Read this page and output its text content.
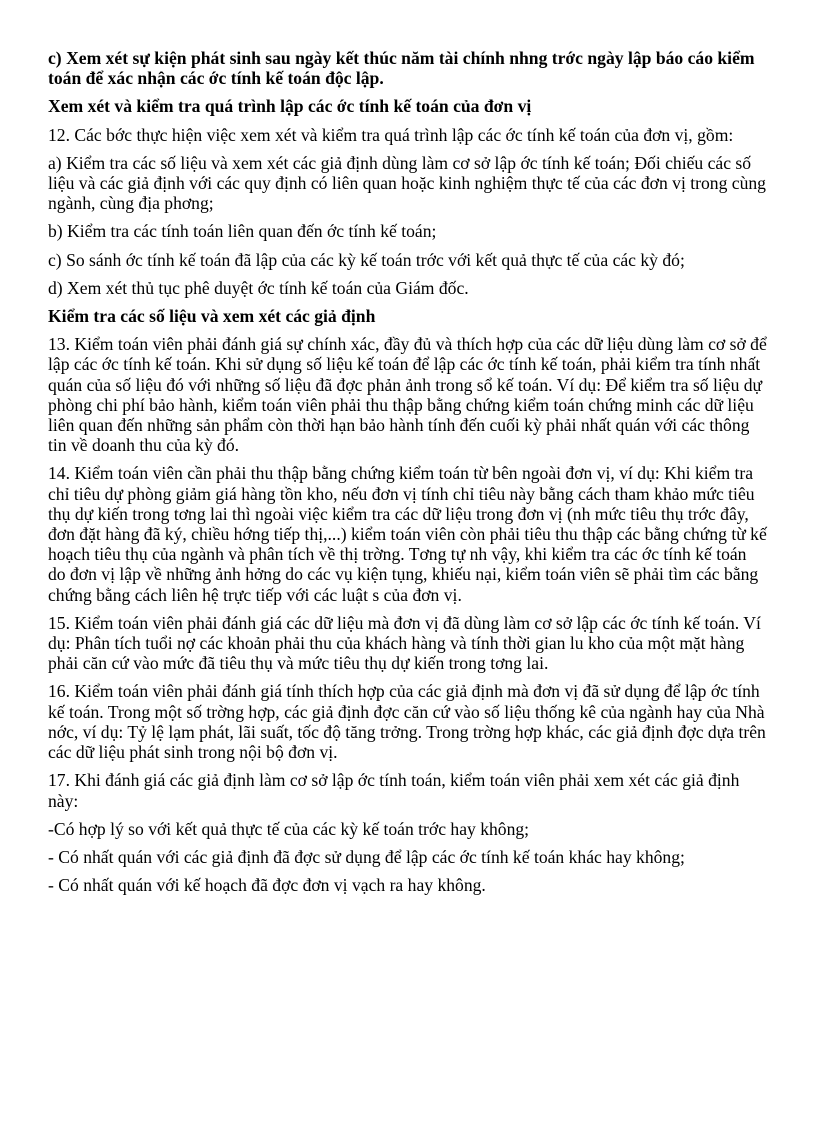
c) Xem xét sự kiện phát sinh sau ngày kết thúc năm tài chính nhng trớc ngày lập báo cáo kiểm toán để xác nhận các ớc tính kế toán độc lập.

Xem xét và kiểm tra quá trình lập các ớc tính kế toán của đơn vị

12. Các bớc thực hiện việc xem xét và kiểm tra quá trình lập các ớc tính kế toán của đơn vị, gồm:

a) Kiểm tra các số liệu và xem xét các giả định dùng làm cơ sở lập ớc tính kế toán; Đối chiếu các số liệu và các giả định với các quy định có liên quan hoặc kinh nghiệm thực tế của các đơn vị trong cùng ngành, cùng địa phơng;

b) Kiểm tra các tính toán liên quan đến ớc tính kế toán;

c) So sánh ớc tính kế toán đã lập của các kỳ kế toán trớc với kết quả thực tế của các kỳ đó;

d) Xem xét thủ tục phê duyệt ớc tính kế toán của Giám đốc.

Kiểm tra các số liệu và xem xét các giả định

13. Kiểm toán viên phải đánh giá sự chính xác, đầy đủ và thích hợp của các dữ liệu dùng làm cơ sở để lập các ớc tính kế toán. Khi sử dụng số liệu kế toán để lập các ớc tính kế toán, phải kiểm tra tính nhất quán của số liệu đó với những số liệu đã đợc phản ảnh trong sổ kế toán. Ví dụ: Để kiểm tra số liệu dự phòng chi phí bảo hành, kiểm toán viên phải thu thập bằng chứng kiểm toán chứng minh các dữ liệu liên quan đến những sản phẩm còn thời hạn bảo hành tính đến cuối kỳ phải nhất quán với các thông tin về doanh thu của kỳ đó.

14. Kiểm toán viên cần phải thu thập bằng chứng kiểm toán từ bên ngoài đơn vị, ví dụ: Khi kiểm tra chỉ tiêu dự phòng giảm giá hàng tồn kho, nếu đơn vị tính chỉ tiêu này bằng cách tham khảo mức tiêu thụ dự kiến trong tơng lai thì ngoài việc kiểm tra các dữ liệu trong đơn vị (nh mức tiêu thụ trớc đây, đơn đặt hàng đã ký, chiều hớng tiếp thị,...) kiểm toán viên còn phải tiêu thu thập các bằng chứng từ kế hoạch tiêu thụ của ngành và phân tích về thị trờng. Tơng tự nh vậy, khi kiểm tra các ớc tính kế toán do đơn vị lập về những ảnh hởng do các vụ kiện tụng, khiếu nại, kiểm toán viên sẽ phải tìm các bằng chứng bằng cách liên hệ trực tiếp với các luật s của đơn vị.

15. Kiểm toán viên phải đánh giá các dữ liệu mà đơn vị đã dùng làm cơ sở lập các ớc tính kế toán. Ví dụ: Phân tích tuổi nợ các khoản phải thu của khách hàng và tính thời gian lu kho của một mặt hàng phải căn cứ vào mức đã tiêu thụ và mức tiêu thụ dự kiến trong tơng lai.

16. Kiểm toán viên phải đánh giá tính thích hợp của các giả định mà đơn vị đã sử dụng để lập ớc tính kế toán. Trong một số trờng hợp, các giả định đợc căn cứ vào số liệu thống kê của ngành hay của Nhà nớc, ví dụ: Tỷ lệ lạm phát, lãi suất, tốc độ tăng trởng. Trong trờng hợp khác, các giả định đợc dựa trên các dữ liệu phát sinh trong nội bộ đơn vị.

17. Khi đánh giá các giả định làm cơ sở lập ớc tính toán, kiểm toán viên phải xem xét các giả định này:

-Có hợp lý so với kết quả thực tế của các kỳ kế toán trớc hay không;

- Có nhất quán với các giả định đã đợc sử dụng để lập các ớc tính kế toán khác hay không;

- Có nhất quán với kế hoạch đã đợc đơn vị vạch ra hay không.
